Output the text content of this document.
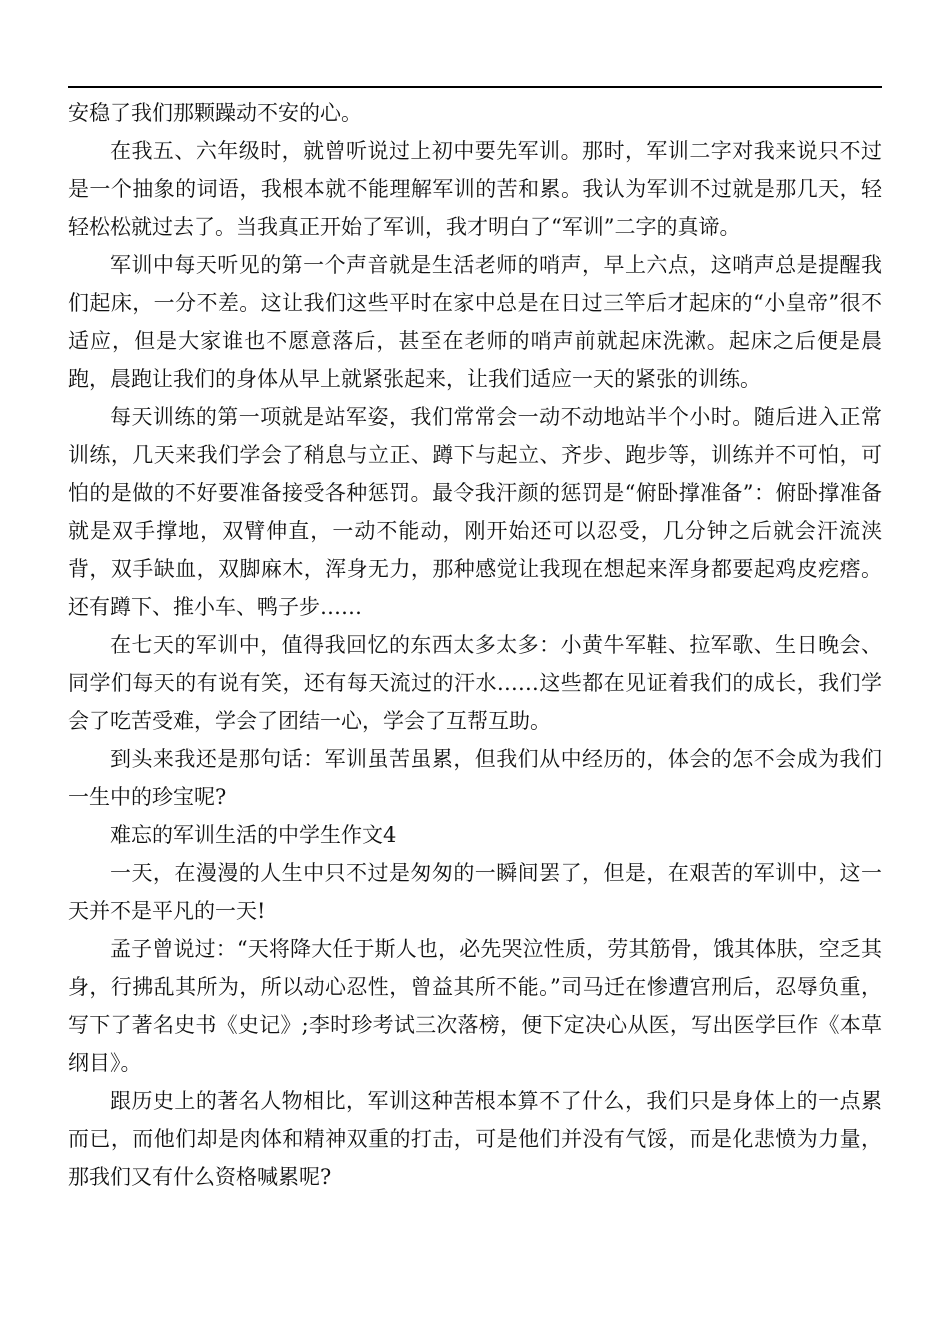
安稳了我们那颗躁动不安的心。

在我五、六年级时，就曾听说过上初中要先军训。那时，军训二字对我来说只不过是一个抽象的词语，我根本就不能理解军训的苦和累。我认为军训不过就是那几天，轻轻松松就过去了。当我真正开始了军训，我才明白了“军训”二字的真谛。

军训中每天听见的第一个声音就是生活老师的哨声，早上六点，这哨声总是提醒我们起床，一分不差。这让我们这些平时在家中总是在日过三竿后才起床的“小皇帝”很不适应，但是大家谁也不愿意落后，甚至在老师的哨声前就起床洗漱。起床之后便是晨跑，晨跑让我们的身体从早上就紧张起来，让我们适应一天的紧张的训练。

每天训练的第一项就是站军姿，我们常常会一动不动地站半个小时。随后进入正常训练，几天来我们学会了稍息与立正、蹲下与起立、齐步、跑步等，训练并不可怕，可怕的是做的不好要准备接受各种惩罚。最令我汗颜的惩罚是“俯卧撑准备”：俯卧撑准备就是双手撑地，双臂伸直，一动不能动，刚开始还可以忍受，几分钟之后就会汗流浃背，双手缺血，双脚麻木，浑身无力，那种感觉让我现在想起来浑身都要起鸡皮疙瘩。还有蹲下、推小车、鸭子步……

在七天的军训中，值得我回忆的东西太多太多：小黄牛军鞋、拉军歌、生日晚会、同学们每天的有说有笑，还有每天流过的汗水……这些都在见证着我们的成长，我们学会了吃苦受难，学会了团结一心，学会了互帮互助。

到头来我还是那句话：军训虽苦虽累，但我们从中经历的，体会的怎不会成为我们一生中的珍宝呢?

难忘的军训生活的中学生作文4

一天，在漫漫的人生中只不过是匆匆的一瞬间罢了，但是，在艰苦的军训中，这一天并不是平凡的一天!

孟子曾说过：“天将降大任于斯人也，必先哭泣性质，劳其筋骨，饿其体肤，空乏其身，行拂乱其所为，所以动心忍性，曾益其所不能。”司马迁在惨遭宫刑后，忍辱负重，写下了著名史书《史记》;李时珍考试三次落榜，便下定决心从医，写出医学巨作《本草纲目》。

跟历史上的著名人物相比，军训这种苦根本算不了什么，我们只是身体上的一点累而已，而他们却是肉体和精神双重的打击，可是他们并没有气馁，而是化悲愤为力量，那我们又有什么资格喊累呢?
